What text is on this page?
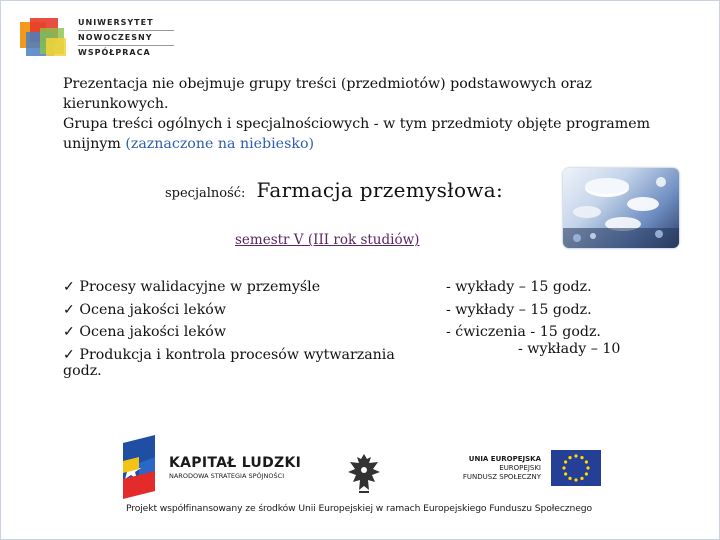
UNIWERSYTET
NOWOCZESNY
WSPÓŁPRACA
Prezentacja nie obejmuje grupy treści (przedmiotów) podstawowych oraz kierunkowych.
Grupa treści ogólnych i specjalnościowych - w tym przedmioty objęte programem unijnym (zaznaczone na niebiesko)
specjalność: Farmacja przemysłowa:
semestr V (III rok studiów)
✓ Procesy walidacyjne w przemyśle
✓ Ocena jakości leków
✓ Ocena jakości leków
✓ Produkcja i kontrola procesów wytwarzania
- wykłady – 15 godz.
- wykłady – 15 godz.
- ćwiczenia - 15 godz.
- wykłady – 10
godz.
KAPITAŁ LUDZKI
NARODOWA STRATEGIA SPÓJNOŚCI
UNIA EUROPEJSKA
EUROPEJSKI
FUNDUSZ SPOŁECZNY
Projekt współfinansowany ze środków Unii Europejskiej w ramach Europejskiego Funduszu Społecznego
